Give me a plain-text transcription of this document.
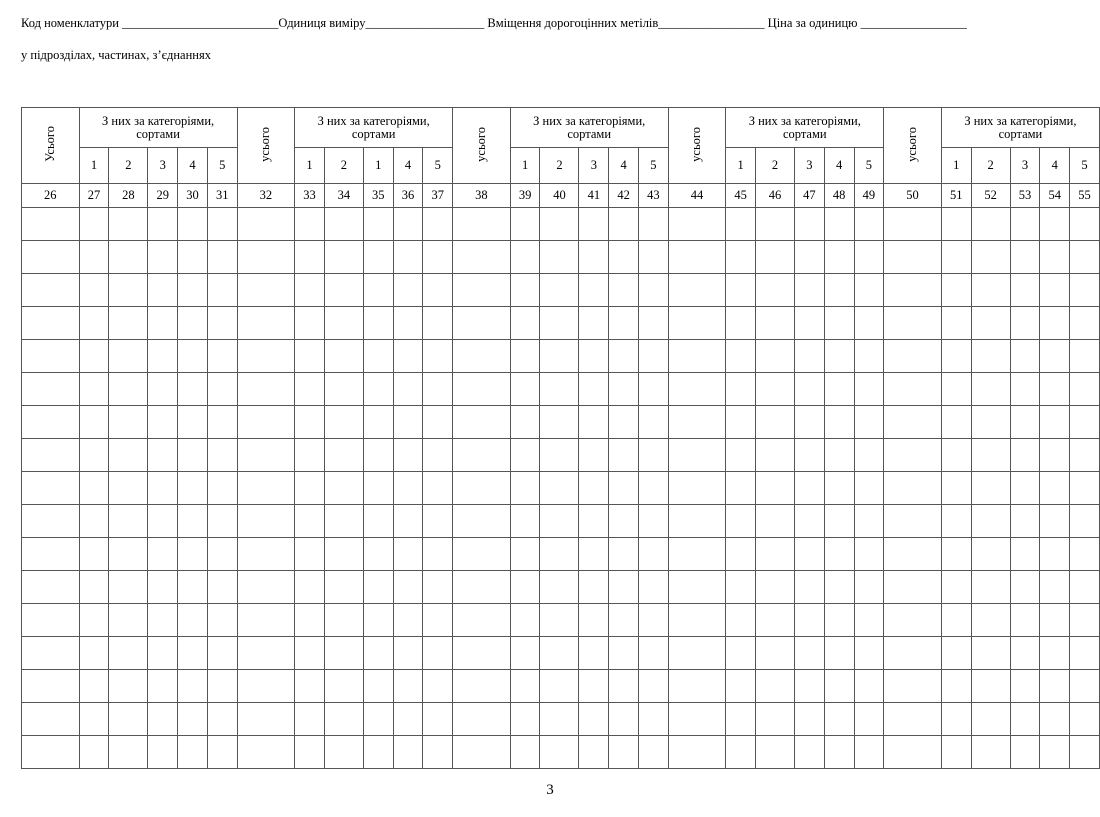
Код номенклатури _________________________Одиниця виміру___________________ Вміщення дорогоцінних метілів_________________ Ціна за одиницю _________________
у підрозділах, частинах, з’єднаннях
Усього	З них за категоріями, сортами					усього	З них за категоріями, сортами					усього	З них за категоріями, сортами					усього	З них за категоріями, сортами					усього	З них за категоріями, сортами				
	1	2	3	4	5		1	2	1	4	5		1	2	3	4	5		1	2	3	4	5		1	2	3	4	5
26	27	28	29	30	31	32	33	34	35	36	37	38	39	40	41	42	43	44	45	46	47	48	49	50	51	52	53	54	55

3
